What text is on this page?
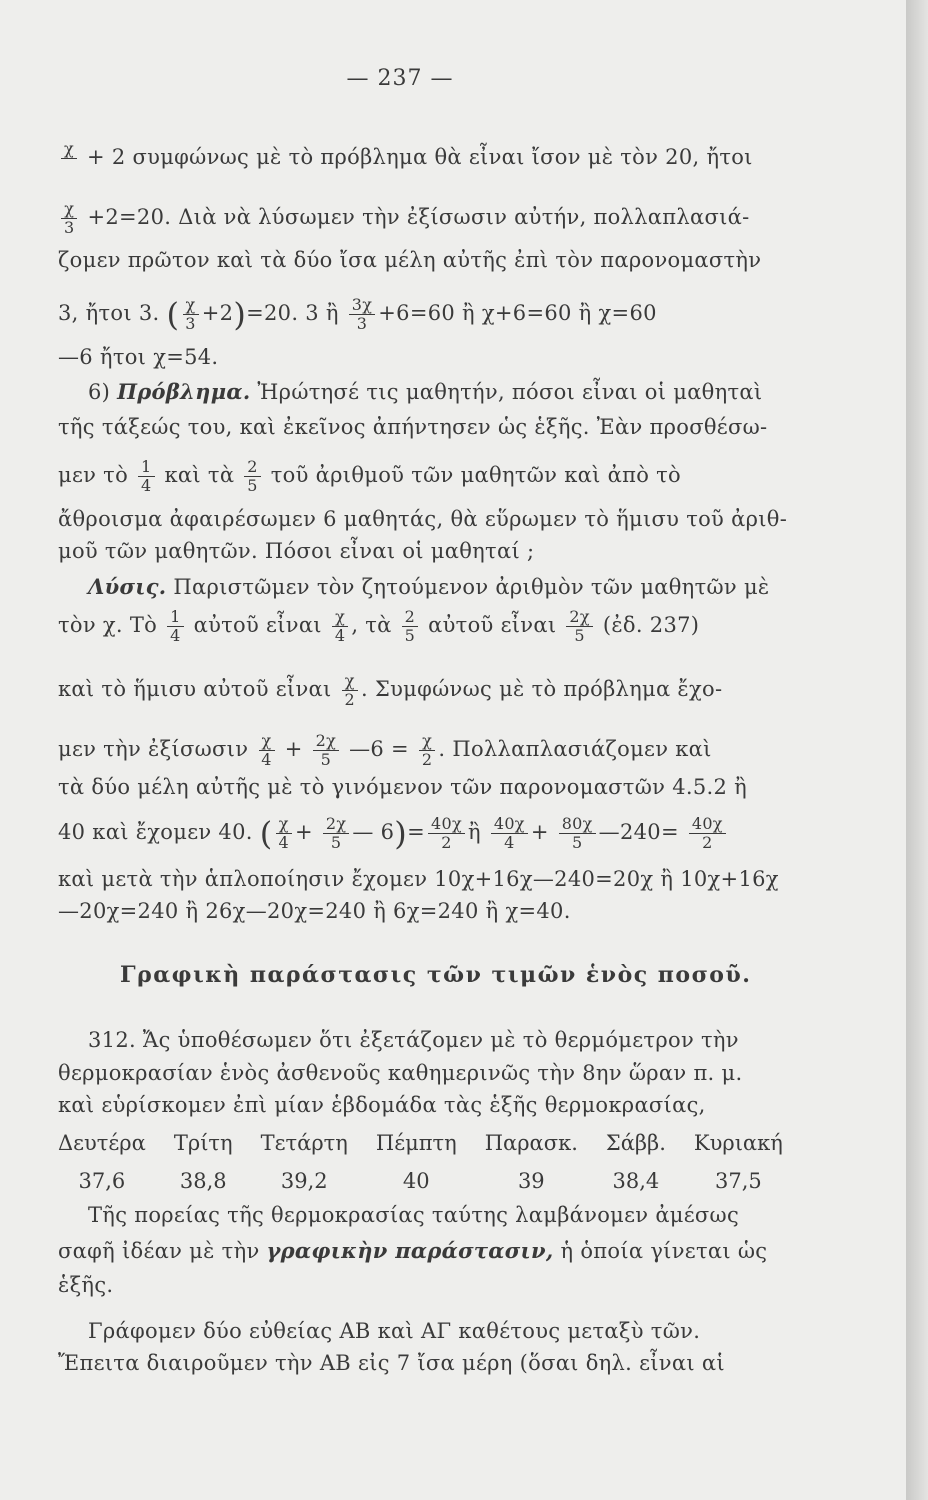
— 237 —
χ
+ 2 συμφώνως μὲ τὸ πρόβλημα θὰ εἶναι ἴσον μὲ τὸν 20, ἤτοι
$\frac{\chi}{3} +2=20$. Διὰ νὰ λύσωμεν τὴν ἐξίσωσιν αὐτήν, πολλαπλασιά-
ζομεν πρῶτον καὶ τὰ δύο ἴσα μέλη αὐτῆς ἐπὶ τὸν παρονομαστὴν
3, ἤτοι 3. ( $\frac{\chi}{3} +2)=20$. 3 ἢ $\frac{3\chi}{3} +6=60$ ἢ χ+6=60 ἢ χ=60
—6 ἤτοι χ=54.
6) Πρόβλημα. Ἠρώτησέ τις μαθητήν, πόσοι εἶναι οἱ μαθηταὶ
τῆς τάξεώς του, καὶ ἐκεῖνος ἀπήντησεν ὡς ἑξῆς. Ἐὰν προσθέσω-
μεν τὸ $\frac{1}{4}$ καὶ τὰ $\frac{2}{5}$ τοῦ ἀριθμοῦ τῶν μαθητῶν καὶ ἀπὸ τὸ
ἄθροισμα ἀφαιρέσωμεν 6 μαθητάς, θὰ εὕρωμεν τὸ ἥμισυ τοῦ ἀριθ-
μοῦ τῶν μαθητῶν. Πόσοι εἶναι οἱ μαθηταί ;
Λύσις. Παριστῶμεν τὸν ζητούμενον ἀριθμὸν τῶν μαθητῶν μὲ
τὸν χ. Τὸ $\frac{1}{4}$ αὐτοῦ εἶναι $\frac{\chi}{4}$ , τὰ $\frac{2}{5}$ αὐτοῦ εἶναι $\frac{2\chi}{5}$ (ἐδ. 237)
καὶ τὸ ἥμισυ αὐτοῦ εἶναι $\frac{\chi}{2}$ . Συμφώνως μὲ τὸ πρόβλημα ἔχο-
μεν τὴν ἐξίσωσιν $\frac{\chi}{4} + \frac{2\chi}{5}$ —6 = $\frac{\chi}{2}$ . Πολλαπλασιάζομεν καὶ
τὰ δύο μέλη αὐτῆς μὲ τὸ γινόμενον τῶν παρονομαστῶν 4.5.2 ἢ
40 καὶ ἔχομεν 40. ( $\frac{\chi}{4} + \frac{2\chi}{5}$ — $6)= \frac{40\chi}{2}$ ἢ $\frac{40\chi}{4} + \frac{80\chi}{5}$ —240= $\frac{40\chi}{2}$
καὶ μετὰ τὴν ἁπλοποίησιν ἔχομεν 10χ+16χ—240=20χ ἢ 10χ+16χ
—20χ=240 ἢ 26χ—20χ=240 ἢ 6χ=240 ἢ χ=40.
Γραφικὴ παράστασις τῶν τιμῶν ἑνὸς ποσοῦ.
312. Ἄς ὑποθέσωμεν ὅτι ἐξετάζομεν μὲ τὸ θερμόμετρον τὴν
θερμοκρασίαν ἑνὸς ἀσθενοῦς καθημερινῶς τὴν 8ην ὥραν π. μ.
καὶ εὑρίσκομεν ἐπὶ μίαν ἑβδομάδα τὰς ἑξῆς θερμοκρασίας,
Δευτέρα	Τρίτη	Τετάρτη	Πέμπτη	Παρασκ.	Σάββ.	Κυριακή
37,6	38,8	39,2	40	39	38,4	37,5
Τῆς πορείας τῆς θερμοκρασίας ταύτης λαμβάνομεν ἀμέσως
σαφῆ ἰδέαν μὲ τὴν γραφικὴν παράστασιν, ἡ ὁποία γίνεται ὡς
ἑξῆς.
Γράφομεν δύο εὐθείας ΑΒ καὶ ΑΓ καθέτους μεταξὺ τῶν.
Ἔπειτα διαιροῦμεν τὴν ΑΒ εἰς 7 ἴσα μέρη (ὅσαι δηλ. εἶναι αἱ
